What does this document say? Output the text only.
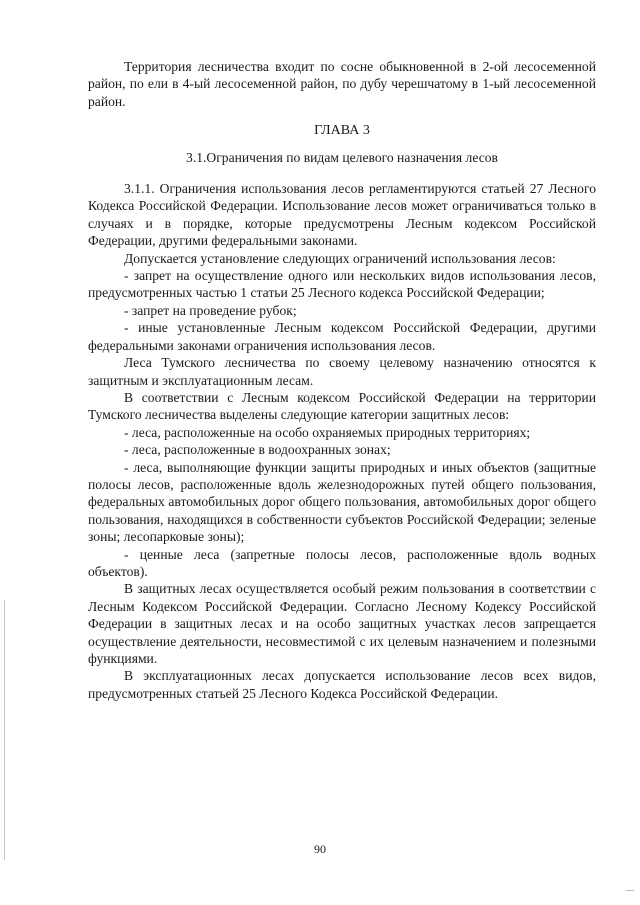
Территория лесничества входит по сосне обыкновенной в 2-ой лесосеменной район, по ели в 4-ый лесосеменной район, по дубу черешчатому в 1-ый лесосеменной район.

ГЛАВА 3
3.1.Ограничения по видам целевого назначения лесов

3.1.1. Ограничения использования лесов регламентируются статьей 27 Лесного Кодекса Российской Федерации. Использование лесов может ограничиваться только в случаях и в порядке, которые предусмотрены Лесным кодексом Российской Федерации, другими федеральными законами.

Допускается установление следующих ограничений использования лесов:

- запрет на осуществление одного или нескольких видов использования лесов, предусмотренных частью 1 статьи 25 Лесного кодекса Российской Федерации;

- запрет на проведение рубок;

- иные установленные Лесным кодексом Российской Федерации, другими федеральными законами ограничения использования лесов.

Леса Тумского лесничества по своему целевому назначению относятся к защитным и эксплуатационным лесам.

В соответствии с Лесным кодексом Российской Федерации на территории Тумского лесничества выделены следующие категории защитных лесов:

- леса, расположенные на особо охраняемых природных территориях;

- леса, расположенные в водоохранных зонах;

- леса, выполняющие функции защиты природных и иных объектов (защитные полосы лесов, расположенные вдоль железнодорожных путей общего пользования, федеральных автомобильных дорог общего пользования, автомобильных дорог общего пользования, находящихся в собственности субъектов Российской Федерации; зеленые зоны; лесопарковые зоны);

- ценные леса (запретные полосы лесов, расположенные вдоль водных объектов).

В защитных лесах осуществляется особый режим пользования в соответствии с Лесным Кодексом Российской Федерации. Согласно Лесному Кодексу Российской Федерации в защитных лесах и на особо защитных участках лесов запрещается осуществление деятельности, несовместимой с их целевым назначением и полезными функциями.

В эксплуатационных лесах допускается использование лесов всех видов, предусмотренных статьей 25 Лесного Кодекса Российской Федерации.

90
